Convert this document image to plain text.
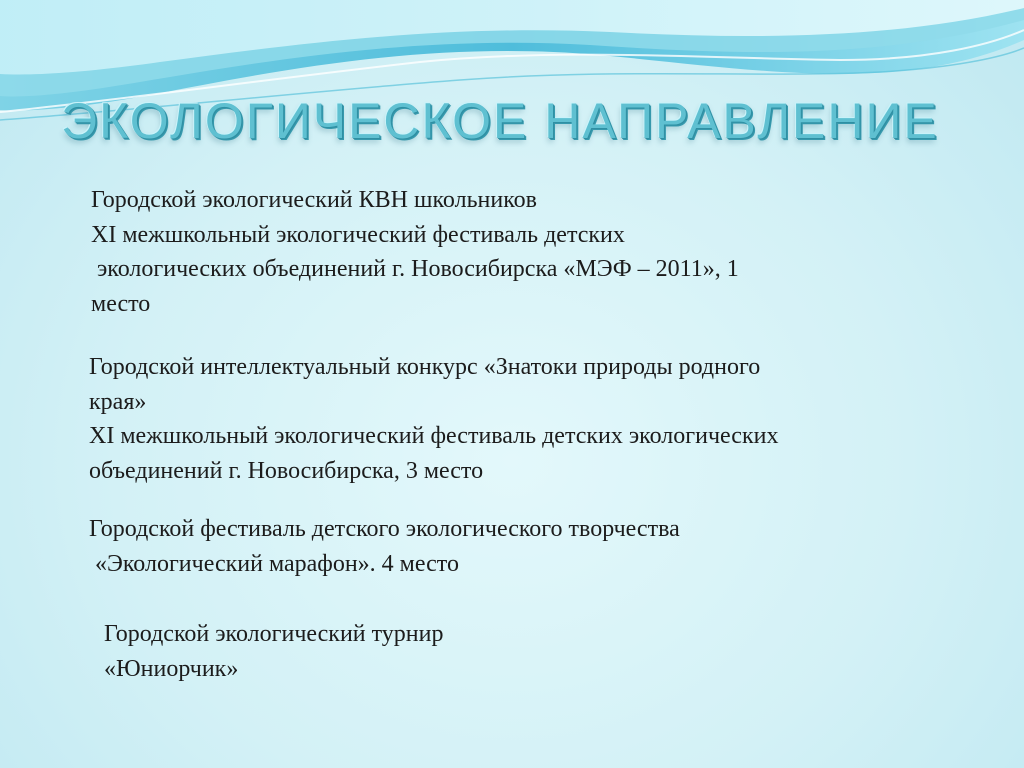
ЭКОЛОГИЧЕСКОЕ НАПРАВЛЕНИЕ
Городской экологический КВН школьников
XI межшкольный экологический фестиваль детских
экологических объединений г. Новосибирска «МЭФ – 2011», 1
место
Городской интеллектуальный конкурс «Знатоки природы родного
края»
XI межшкольный экологический фестиваль детских экологических
объединений г. Новосибирска, 3 место
Городской фестиваль детского экологического творчества
«Экологический марафон». 4 место
Городской экологический турнир
«Юниорчик»
